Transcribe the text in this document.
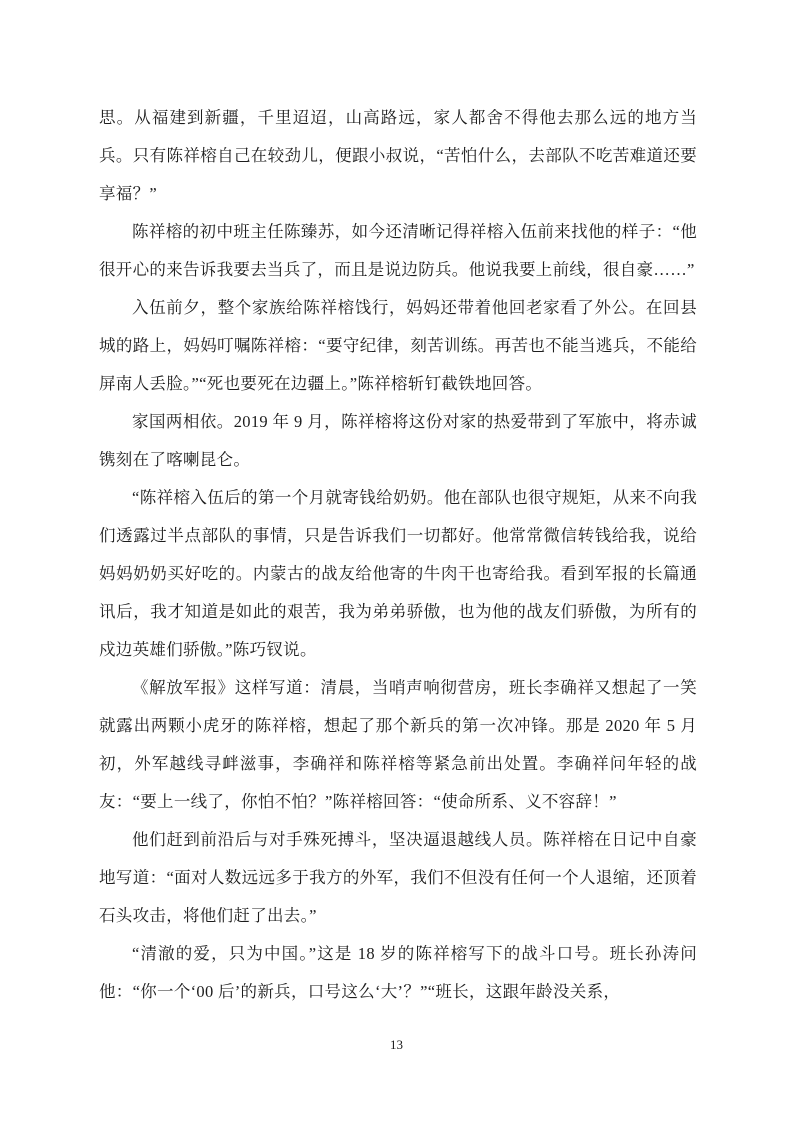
思。从福建到新疆，千里迢迢，山高路远，家人都舍不得他去那么远的地方当兵。只有陈祥榕自己在较劲儿，便跟小叔说，“苦怕什么，去部队不吃苦难道还要享福？”

陈祥榕的初中班主任陈臻苏，如今还清晰记得祥榕入伍前来找他的样子：“他很开心的来告诉我要去当兵了，而且是说边防兵。他说我要上前线，很自豪……”

入伍前夕，整个家族给陈祥榕饯行，妈妈还带着他回老家看了外公。在回县城的路上，妈妈叮嘱陈祥榕：“要守纪律，刻苦训练。再苦也不能当逃兵，不能给屏南人丢脸。”“死也要死在边疆上。”陈祥榕斩钉截铁地回答。

家国两相依。2019 年 9 月，陈祥榕将这份对家的热爱带到了军旅中，将赤诚镌刻在了喀喇昆仑。

“陈祥榕入伍后的第一个月就寄钱给奶奶。他在部队也很守规矩，从来不向我们透露过半点部队的事情，只是告诉我们一切都好。他常常微信转钱给我，说给妈妈奶奶买好吃的。内蒙古的战友给他寄的牛肉干也寄给我。看到军报的长篇通讯后，我才知道是如此的艰苦，我为弟弟骄傲，也为他的战友们骄傲，为所有的戍边英雄们骄傲。”陈巧钗说。

《解放军报》这样写道：清晨，当哨声响彻营房，班长李确祥又想起了一笑就露出两颗小虎牙的陈祥榕，想起了那个新兵的第一次冲锋。那是 2020 年 5 月初，外军越线寻衅滋事，李确祥和陈祥榕等紧急前出处置。李确祥问年轻的战友：“要上一线了，你怕不怕？”陈祥榕回答：“使命所系、义不容辞！”

他们赶到前沿后与对手殊死搏斗，坚决逼退越线人员。陈祥榕在日记中自豪地写道：“面对人数远远多于我方的外军，我们不但没有任何一个人退缩，还顶着石头攻击，将他们赶了出去。”

“清澈的爱，只为中国。”这是 18 岁的陈祥榕写下的战斗口号。班长孙涛问他：“你一个‘00 后’的新兵，口号这么‘大’？”“班长，这跟年龄没关系，

13
